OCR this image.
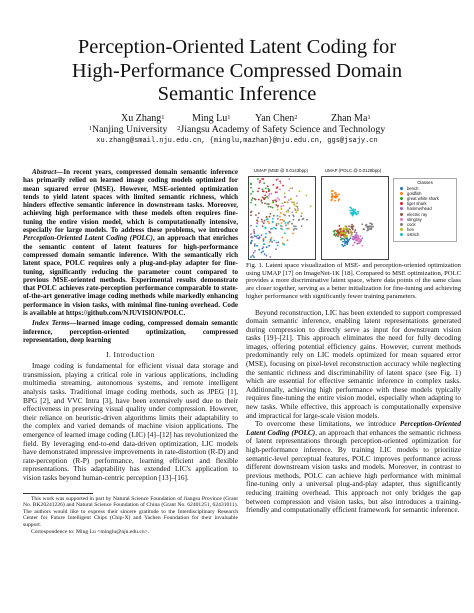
Perception-Oriented Latent Coding for
High-Performance Compressed Domain
Semantic Inference
Xu Zhang$^1$	Ming Lu$^1$ Yan Chen$^2$	Zhan Ma$^1$
$^1$Nanjing University $^2$Jiangsu Academy of Safety Science and Technology
xu.zhang@smail.nju.edu.cn, {minglu,mazhan}@nju.edu.cn, ggs@jsajy.cn

Abstract—In recent years, compressed domain semantic inference has primarily relied on learned image coding models optimized for mean squared error (MSE). However, MSE-oriented optimization tends to yield latent spaces with limited semantic richness, which hinders effective semantic inference in downstream tasks. Moreover, achieving high performance with these models often requires fine-tuning the entire vision model, which is computationally intensive, especially for large models. To address these problems, we introduce Perception-Oriented Latent Coding (POLC), an approach that enriches the semantic content of latent features for high-performance compressed domain semantic inference. With the semantically rich latent space, POLC requires only a plug-and-play adapter for fine-tuning, significantly reducing the parameter count compared to previous MSE-oriented methods. Experimental results demonstrate that POLC achieves rate-perception performance comparable to state-of-the-art generative image coding methods while markedly enhancing performance in vision tasks, with minimal fine-tuning overhead. Code is available at https://github.com/NJUVISION/POLC.

Index Terms—learned image coding, compressed domain semantic inference, perception-oriented optimization, compressed representation, deep learning

I. Introduction

Image coding is fundamental for efficient visual data storage and transmission, playing a critical role in various applications, including multimedia streaming, autonomous systems, and remote intelligent analysis tasks. Traditional image coding methods, such as JPEG [1], BPG [2], and VVC Intra [3], have been extensively used due to their effectiveness in preserving visual quality under compression. However, their reliance on heuristic-driven algorithms limits their adaptability to the complex and varied demands of machine vision applications. The emergence of learned image coding (LIC) [4]–[12] has revolutionized the field. By leveraging end-to-end data-driven optimization, LIC models have demonstrated impressive improvements in rate-distortion (R-D) and rate-perception (R-P) performance, learning efficient and flexible representations. This adaptability has extended LIC's application to vision tasks beyond human-centric perception [13]–[16].

This work was supported in part by Natural Science Foundation of Jiangsu Province (Grant No. BK20241226) and Natural Science Foundation of China (Grant No. 62401251, 62431011). The authors would like to express their sincere gratitude to the Interdisciplinary Research Center for Future Intelligent Chips (Chip-X) and Yachen Foundation for their invaluable support.

Correspondence to: Ming Lu <minglu@nju.edu.cn>.

UMAP (MSE @ 0.0143bpp)	UMAP (POLC @ 0.0128bpp)
Classes
bench
goldfish
great white shark
tiger shark
hammerhead
electric ray
stingray
cock
hen
ostrich

Fig. 1. Latent space visualization of MSE- and perception-oriented optimization using UMAP [17] on ImageNet-1K [18]. Compared to MSE optimization, POLC provides a more discriminative latent space, where data points of the same class are closer together, serving as a better initialization for fine-tuning and achieving higher performance with significantly fewer training parameters.

Beyond reconstruction, LIC has been extended to support compressed domain semantic inference, enabling latent representations generated during compression to directly serve as input for downstream vision tasks [19]–[21]. This approach eliminates the need for fully decoding images, offering potential efficiency gains. However, current methods predominantly rely on LIC models optimized for mean squared error (MSE), focusing on pixel-level reconstruction accuracy while neglecting the semantic richness and discriminability of latent space (see Fig. 1) which are essential for effective semantic inference in complex tasks. Additionally, achieving high performance with these models typically requires fine-tuning the entire vision model, especially when adapting to new tasks. While effective, this approach is computationally expensive and impractical for large-scale vision models.

To overcome these limitations, we introduce Perception-Oriented Latent Coding (POLC), an approach that enhances the semantic richness of latent representations through perception-oriented optimization for high-performance inference. By training LIC models to prioritize semantic-level perceptual features, POLC improves performance across different downstream vision tasks and models. Moreover, in contrast to previous methods, POLC can achieve high performance with minimal fine-tuning only a universal plug-and-play adapter, thus significantly reducing training overhead. This approach not only bridges the gap between compression and vision tasks, but also introduces a training-friendly and computationally efficient framework for semantic inference.
